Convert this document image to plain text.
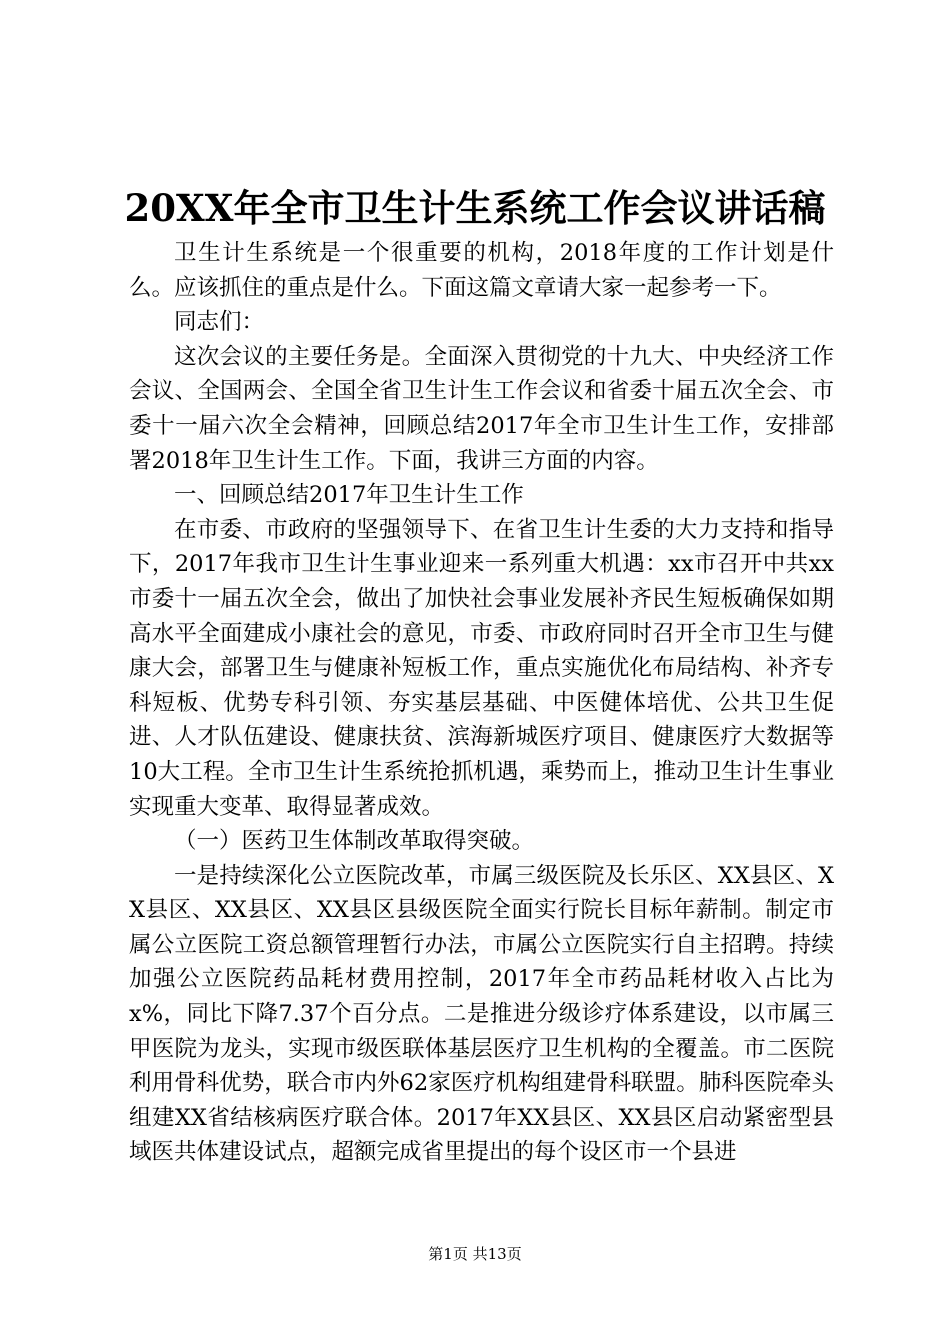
20XX年全市卫生计生系统工作会议讲话稿

卫生计生系统是一个很重要的机构，2018年度的工作计划是什么。应该抓住的重点是什么。下面这篇文章请大家一起参考一下。

同志们：

这次会议的主要任务是。全面深入贯彻党的十九大、中央经济工作会议、全国两会、全国全省卫生计生工作会议和省委十届五次全会、市委十一届六次全会精神，回顾总结2017年全市卫生计生工作，安排部署2018年卫生计生工作。下面，我讲三方面的内容。

一、回顾总结2017年卫生计生工作

在市委、市政府的坚强领导下、在省卫生计生委的大力支持和指导下，2017年我市卫生计生事业迎来一系列重大机遇：xx市召开中共xx市委十一届五次全会，做出了加快社会事业发展补齐民生短板确保如期高水平全面建成小康社会的意见，市委、市政府同时召开全市卫生与健康大会，部署卫生与健康补短板工作，重点实施优化布局结构、补齐专科短板、优势专科引领、夯实基层基础、中医健体培优、公共卫生促进、人才队伍建设、健康扶贫、滨海新城医疗项目、健康医疗大数据等10大工程。全市卫生计生系统抢抓机遇，乘势而上，推动卫生计生事业实现重大变革、取得显著成效。

（一）医药卫生体制改革取得突破。

一是持续深化公立医院改革，市属三级医院及长乐区、XX县区、XX县区、XX县区、XX县区县级医院全面实行院长目标年薪制。制定市属公立医院工资总额管理暂行办法，市属公立医院实行自主招聘。持续加强公立医院药品耗材费用控制，2017年全市药品耗材收入占比为x%，同比下降7.37个百分点。二是推进分级诊疗体系建设，以市属三甲医院为龙头，实现市级医联体基层医疗卫生机构的全覆盖。市二医院利用骨科优势，联合市内外62家医疗机构组建骨科联盟。肺科医院牵头组建XX省结核病医疗联合体。2017年XX县区、XX县区启动紧密型县域医共体建设试点，超额完成省里提出的每个设区市一个县进

第1页 共13页
